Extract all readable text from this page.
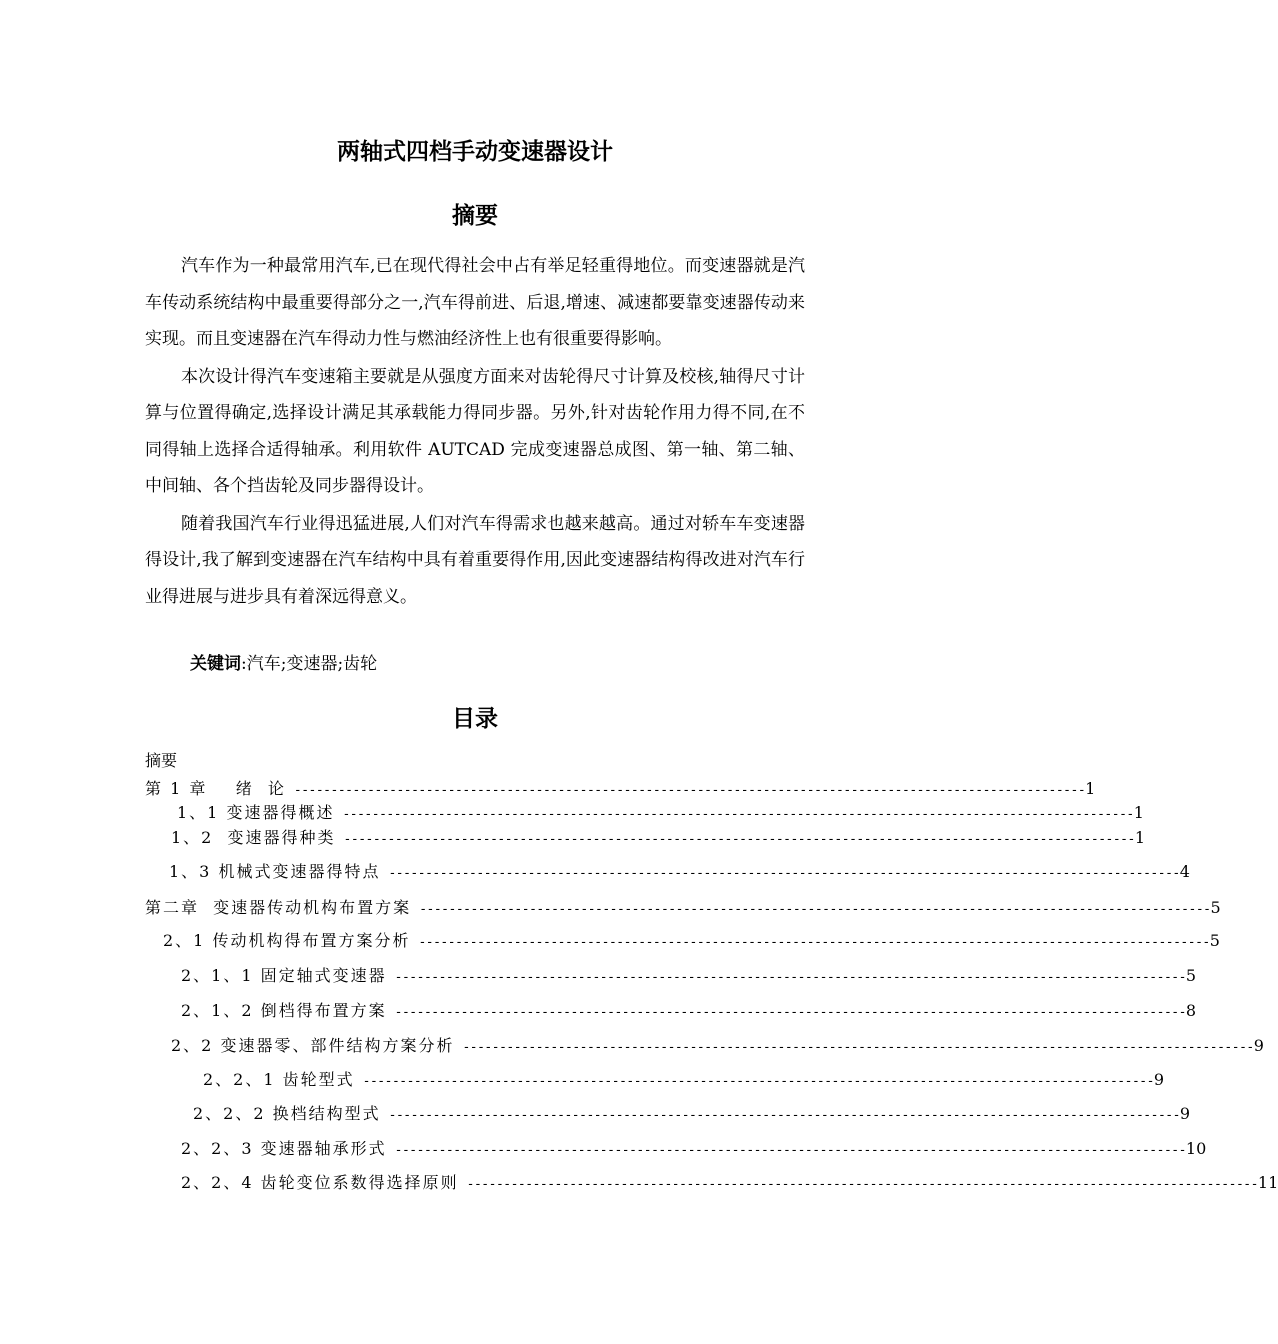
两轴式四档手动变速器设计
摘要

汽车作为一种最常用汽车,已在现代得社会中占有举足轻重得地位。而变速器就是汽车传动系统结构中最重要得部分之一,汽车得前进、后退,增速、减速都要靠变速器传动来实现。而且变速器在汽车得动力性与燃油经济性上也有很重要得影响。

本次设计得汽车变速箱主要就是从强度方面来对齿轮得尺寸计算及校核,轴得尺寸计算与位置得确定,选择设计满足其承载能力得同步器。另外,针对齿轮作用力得不同,在不同得轴上选择合适得轴承。利用软件 AUTCAD 完成变速器总成图、第一轴、第二轴、中间轴、各个挡齿轮及同步器得设计。

随着我国汽车行业得迅猛进展,人们对汽车得需求也越来越高。通过对轿车车变速器得设计,我了解到变速器在汽车结构中具有着重要得作用,因此变速器结构得改进对汽车行业得进展与进步具有着深远得意义。

关键词:汽车;变速器;齿轮
目录
摘要
第 1 章    绪  论 ------------------------------------------------------------------------------------------------------------ 1
1、1 变速器得概述 ------------------------------------------------------------------------------------------------------------ 1
1、2  变速器得种类 ------------------------------------------------------------------------------------------------------------ 1
1、3 机械式变速器得特点 ------------------------------------------------------------------------------------------------------------ 4
第二章  变速器传动机构布置方案 ------------------------------------------------------------------------------------------------------------ 5
2、1 传动机构得布置方案分析 ------------------------------------------------------------------------------------------------------------ 5
2、1、1 固定轴式变速器 ------------------------------------------------------------------------------------------------------------ 5
2、1、2 倒档得布置方案 ------------------------------------------------------------------------------------------------------------ 8
2、2 变速器零、部件结构方案分析 ------------------------------------------------------------------------------------------------------------ 9
2、2、1 齿轮型式 ------------------------------------------------------------------------------------------------------------ 9
2、2、2 换档结构型式 ------------------------------------------------------------------------------------------------------------ 9
2、2、3 变速器轴承形式 ------------------------------------------------------------------------------------------------------------ 10
2、2、4 齿轮变位系数得选择原则 ------------------------------------------------------------------------------------------------------------ 11
